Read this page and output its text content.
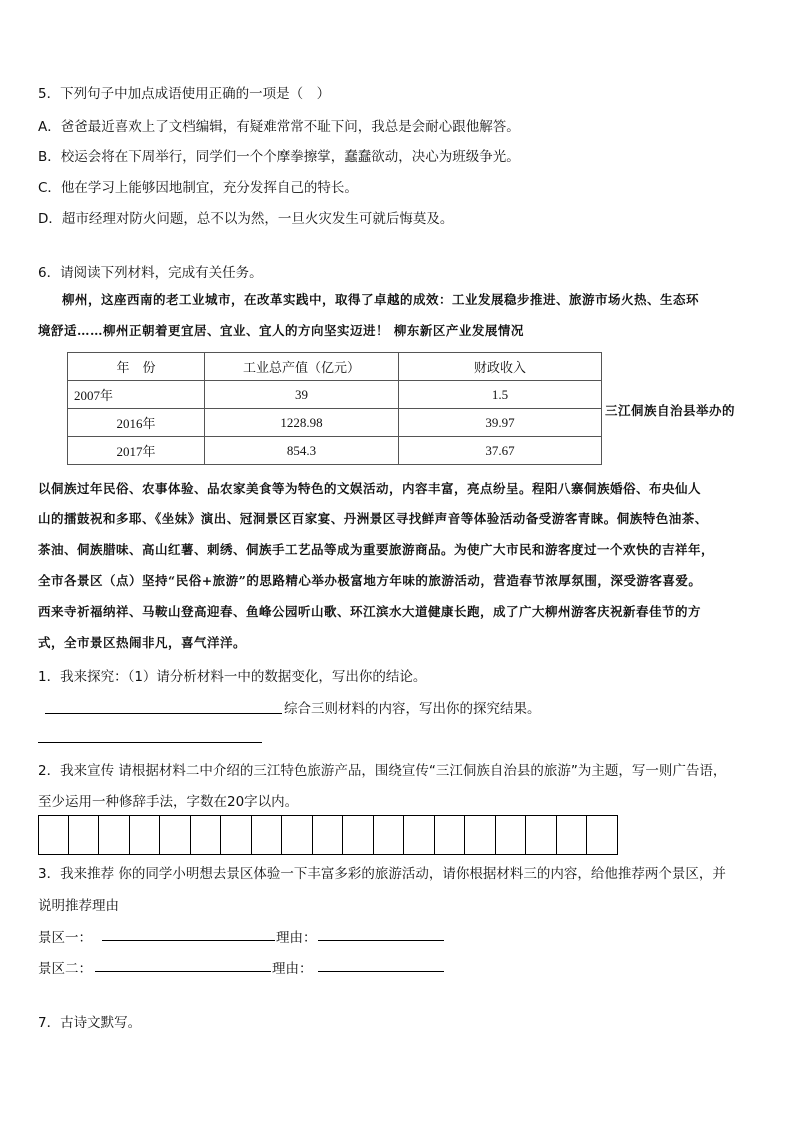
5．下列句子中加点成语使用正确的一项是（　）
A．爸爸最近喜欢上了文档编辑，有疑难常常不耻下问，我总是会耐心跟他解答。
B．校运会将在下周举行，同学们一个个摩拳擦掌，蠢蠢欲动，决心为班级争光。
C．他在学习上能够因地制宜，充分发挥自己的特长。
D．超市经理对防火问题，总不以为然，一旦火灾发生可就后悔莫及。
6．请阅读下列材料，完成有关任务。
柳州，这座西南的老工业城市，在改革实践中，取得了卓越的成效：工业发展稳步推进、旅游市场火热、生态环
境舒适……柳州正朝着更宜居、宜业、宜人的方向坚实迈进！ 柳东新区产业发展情况
年　份	工业总产值（亿元）	财政收入
2007年	39	1.5
2016年	1228.98	39.97
2017年	854.3	37.67
三江侗族自治县举办的
以侗族过年民俗、农事体验、品农家美食等为特色的文娱活动，内容丰富，亮点纷呈。程阳八寨侗族婚俗、布央仙人
山的擂鼓祝和多耶、《坐妹》演出、冠洞景区百家宴、丹洲景区寻找鲜声音等体验活动备受游客青睐。侗族特色油茶、
茶油、侗族腊味、高山红薯、刺绣、侗族手工艺品等成为重要旅游商品。为使广大市民和游客度过一个欢快的吉祥年，
全市各景区（点）坚持“民俗+旅游”的思路精心举办极富地方年味的旅游活动，营造春节浓厚氛围，深受游客喜爱。
西来寺祈福纳祥、马鞍山登高迎春、鱼峰公园听山歌、环江滨水大道健康长跑，成了广大柳州游客庆祝新春佳节的方
式，全市景区热闹非凡，喜气洋洋。
1．我来探究：（1）请分析材料一中的数据变化，写出你的结论。
综合三则材料的内容，写出你的探究结果。
2．我来宣传 请根据材料二中介绍的三江特色旅游产品，围绕宣传“三江侗族自治县的旅游”为主题，写一则广告语，
至少运用一种修辞手法，字数在20字以内。
3．我来推荐 你的同学小明想去景区体验一下丰富多彩的旅游活动，请你根据材料三的内容，给他推荐两个景区，并
说明推荐理由
景区一：	理由：
景区二：	理由：
7．古诗文默写。
